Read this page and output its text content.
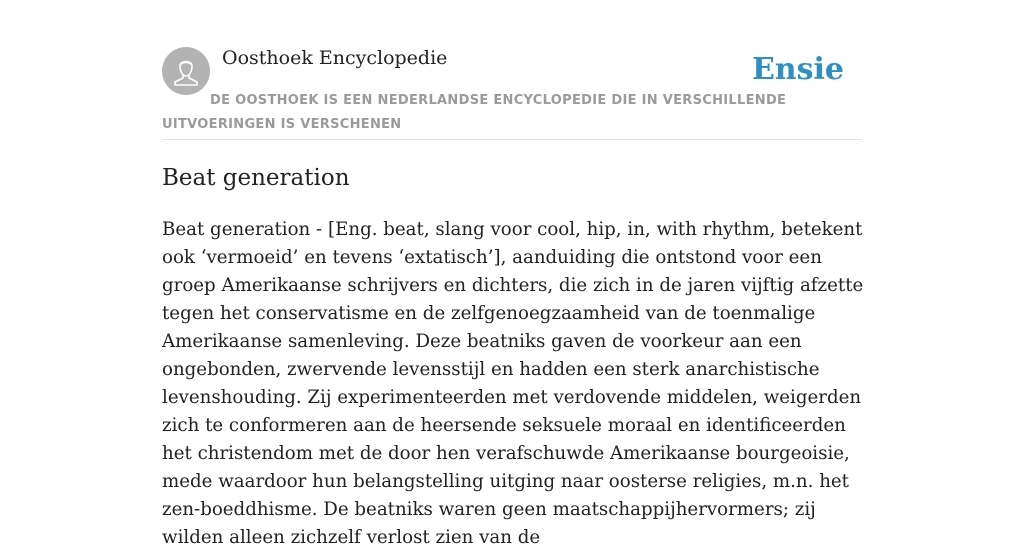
Oosthoek Encyclopedie	Ensie
DE OOSTHOEK IS EEN NEDERLANDSE ENCYCLOPEDIE DIE IN VERSCHILLENDE UITVOERINGEN IS VERSCHENEN
Beat generation

Beat generation - [Eng. beat, slang voor cool, hip, in, with rhythm, betekent ook ‘vermoeid’ en tevens ‘extatisch’], aanduiding die ontstond voor een groep Amerikaanse schrijvers en dichters, die zich in de jaren vijftig afzette tegen het conservatisme en de zelfgenoegzaamheid van de toenmalige Amerikaanse samenleving. Deze beatniks gaven de voorkeur aan een ongebonden, zwervende levensstijl en hadden een sterk anarchistische levenshouding. Zij experimenteerden met verdovende middelen, weigerden zich te conformeren aan de heersende seksuele moraal en identificeerden het christendom met de door hen verafschuwde Amerikaanse bourgeoisie, mede waardoor hun belangstelling uitging naar oosterse religies, m.n. het zen-boeddhisme. De beatniks waren geen maatschappijhervormers; zij wilden alleen zichzelf verlost zien van de
